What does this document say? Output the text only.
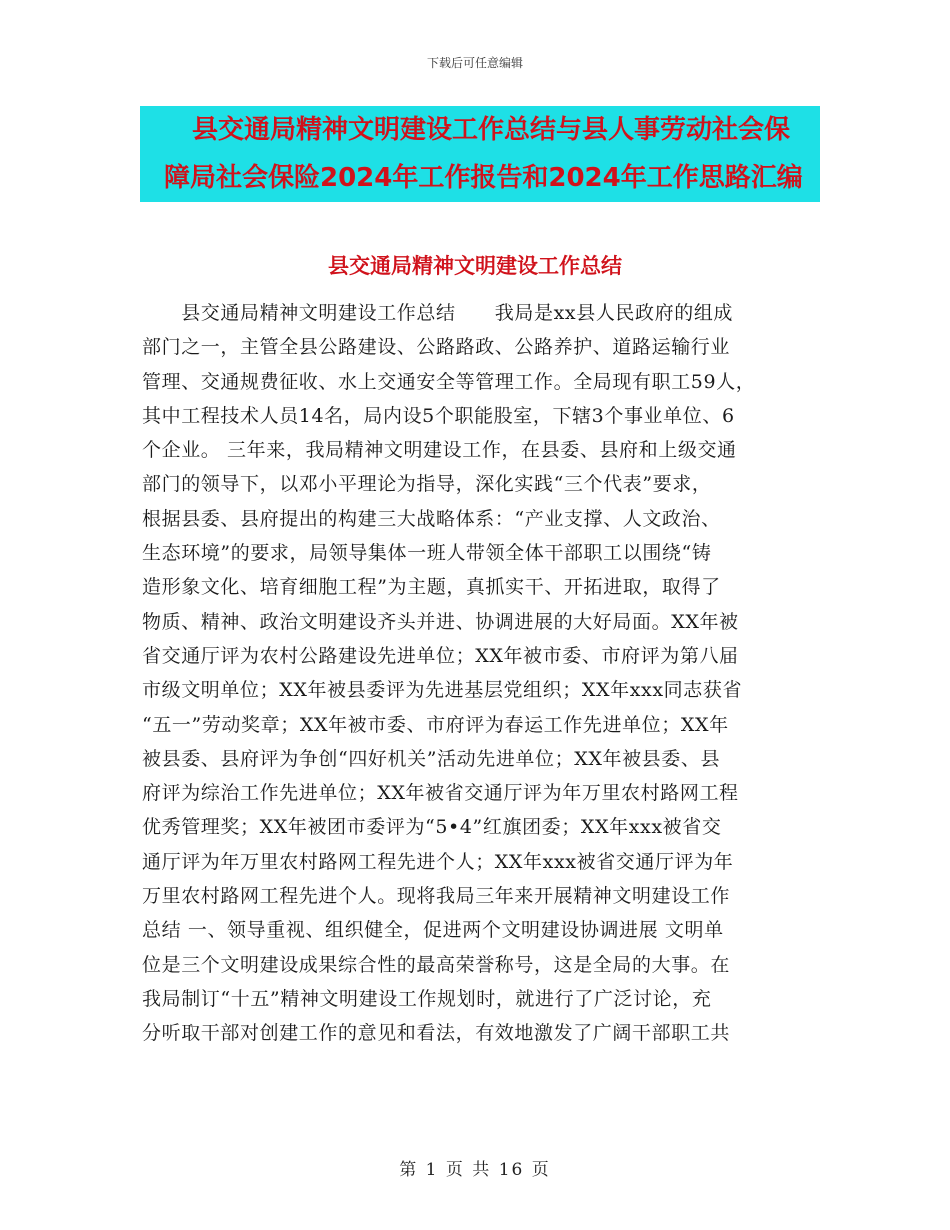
下载后可任意编辑
县交通局精神文明建设工作总结与县人事劳动社会保
障局社会保险2024年工作报告和2024年工作思路汇编
县交通局精神文明建设工作总结
　　县交通局精神文明建设工作总结　　我局是xx县人民政府的组成
部门之一，主管全县公路建设、公路路政、公路养护、道路运输行业
管理、交通规费征收、水上交通安全等管理工作。全局现有职工59人，
其中工程技术人员14名，局内设5个职能股室，下辖3个事业单位、6
个企业。 三年来，我局精神文明建设工作，在县委、县府和上级交通
部门的领导下，以邓小平理论为指导，深化实践“三个代表”要求，
根据县委、县府提出的构建三大战略体系：“产业支撑、人文政治、
生态环境”的要求，局领导集体一班人带领全体干部职工以围绕“铸
造形象文化、培育细胞工程”为主题，真抓实干、开拓进取，取得了
物质、精神、政治文明建设齐头并进、协调进展的大好局面。XX年被
省交通厅评为农村公路建设先进单位；XX年被市委、市府评为第八届
市级文明单位；XX年被县委评为先进基层党组织；XX年xxx同志获省
“五一”劳动奖章；XX年被市委、市府评为春运工作先进单位；XX年
被县委、县府评为争创“四好机关”活动先进单位；XX年被县委、县
府评为综治工作先进单位；XX年被省交通厅评为年万里农村路网工程
优秀管理奖；XX年被团市委评为“5•4”红旗团委；XX年xxx被省交
通厅评为年万里农村路网工程先进个人；XX年xxx被省交通厅评为年
万里农村路网工程先进个人。现将我局三年来开展精神文明建设工作
总结 一、领导重视、组织健全，促进两个文明建设协调进展 文明单
位是三个文明建设成果综合性的最高荣誉称号，这是全局的大事。在
我局制订“十五”精神文明建设工作规划时，就进行了广泛讨论，充
分听取干部对创建工作的意见和看法，有效地激发了广阔干部职工共
第 1 页 共 16 页
